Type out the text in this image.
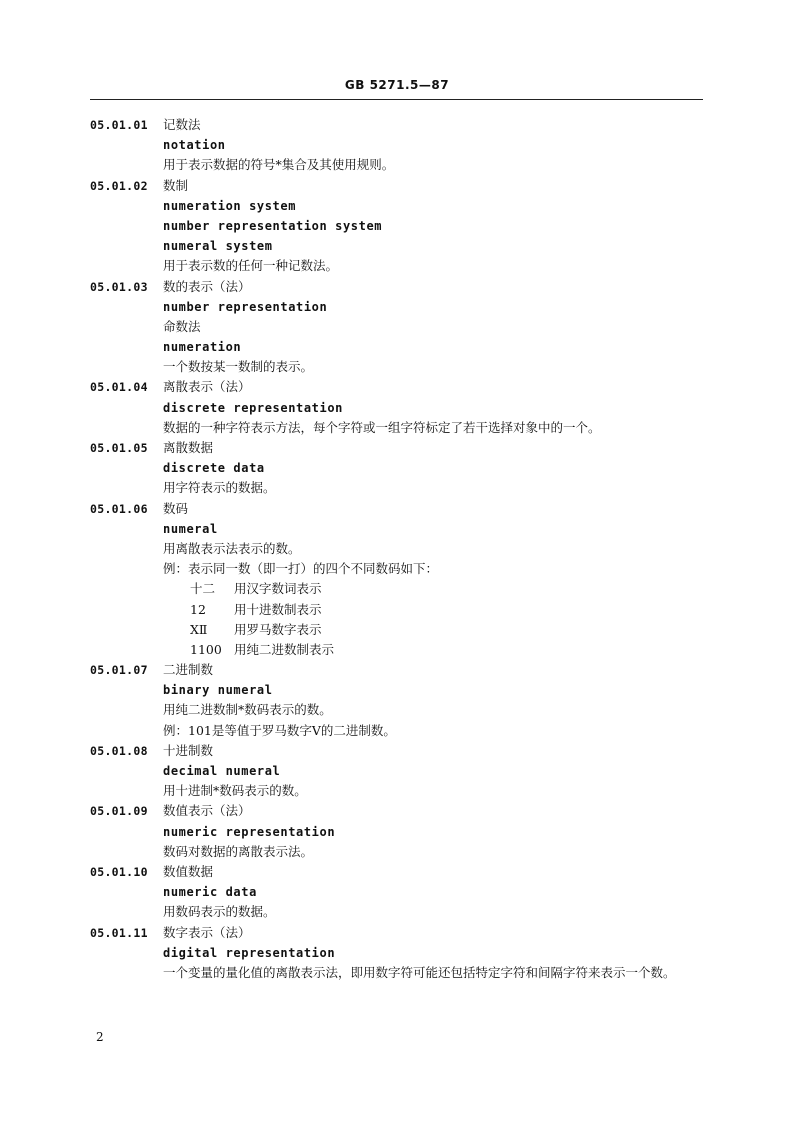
GB 5271.5—87
05.01.01	记数法
notation
用于表示数据的符号*集合及其使用规则。
05.01.02	数制
numeration system
number representation system
numeral system
用于表示数的任何一种记数法。
05.01.03	数的表示（法）
number representation
命数法
numeration
一个数按某一数制的表示。
05.01.04	离散表示（法）
discrete representation
数据的一种字符表示方法，每个字符或一组字符标定了若干选择对象中的一个。
05.01.05	离散数据
discrete data
用字符表示的数据。
05.01.06	数码
numeral
用离散表示法表示的数。
例：表示同一数（即一打）的四个不同数码如下：
十二 用汉字数词表示
12 用十进数制表示
XⅡ 用罗马数字表示
1100 用纯二进数制表示
05.01.07	二进制数
binary numeral
用纯二进数制*数码表示的数。
例：101是等值于罗马数字V的二进制数。
05.01.08	十进制数
decimal numeral
用十进制*数码表示的数。
05.01.09	数值表示（法）
numeric representation
数码对数据的离散表示法。
05.01.10	数值数据
numeric data
用数码表示的数据。
05.01.11	数字表示（法）
digital representation
一个变量的量化值的离散表示法，即用数字符可能还包括特定字符和间隔字符来表示一个数。
2
